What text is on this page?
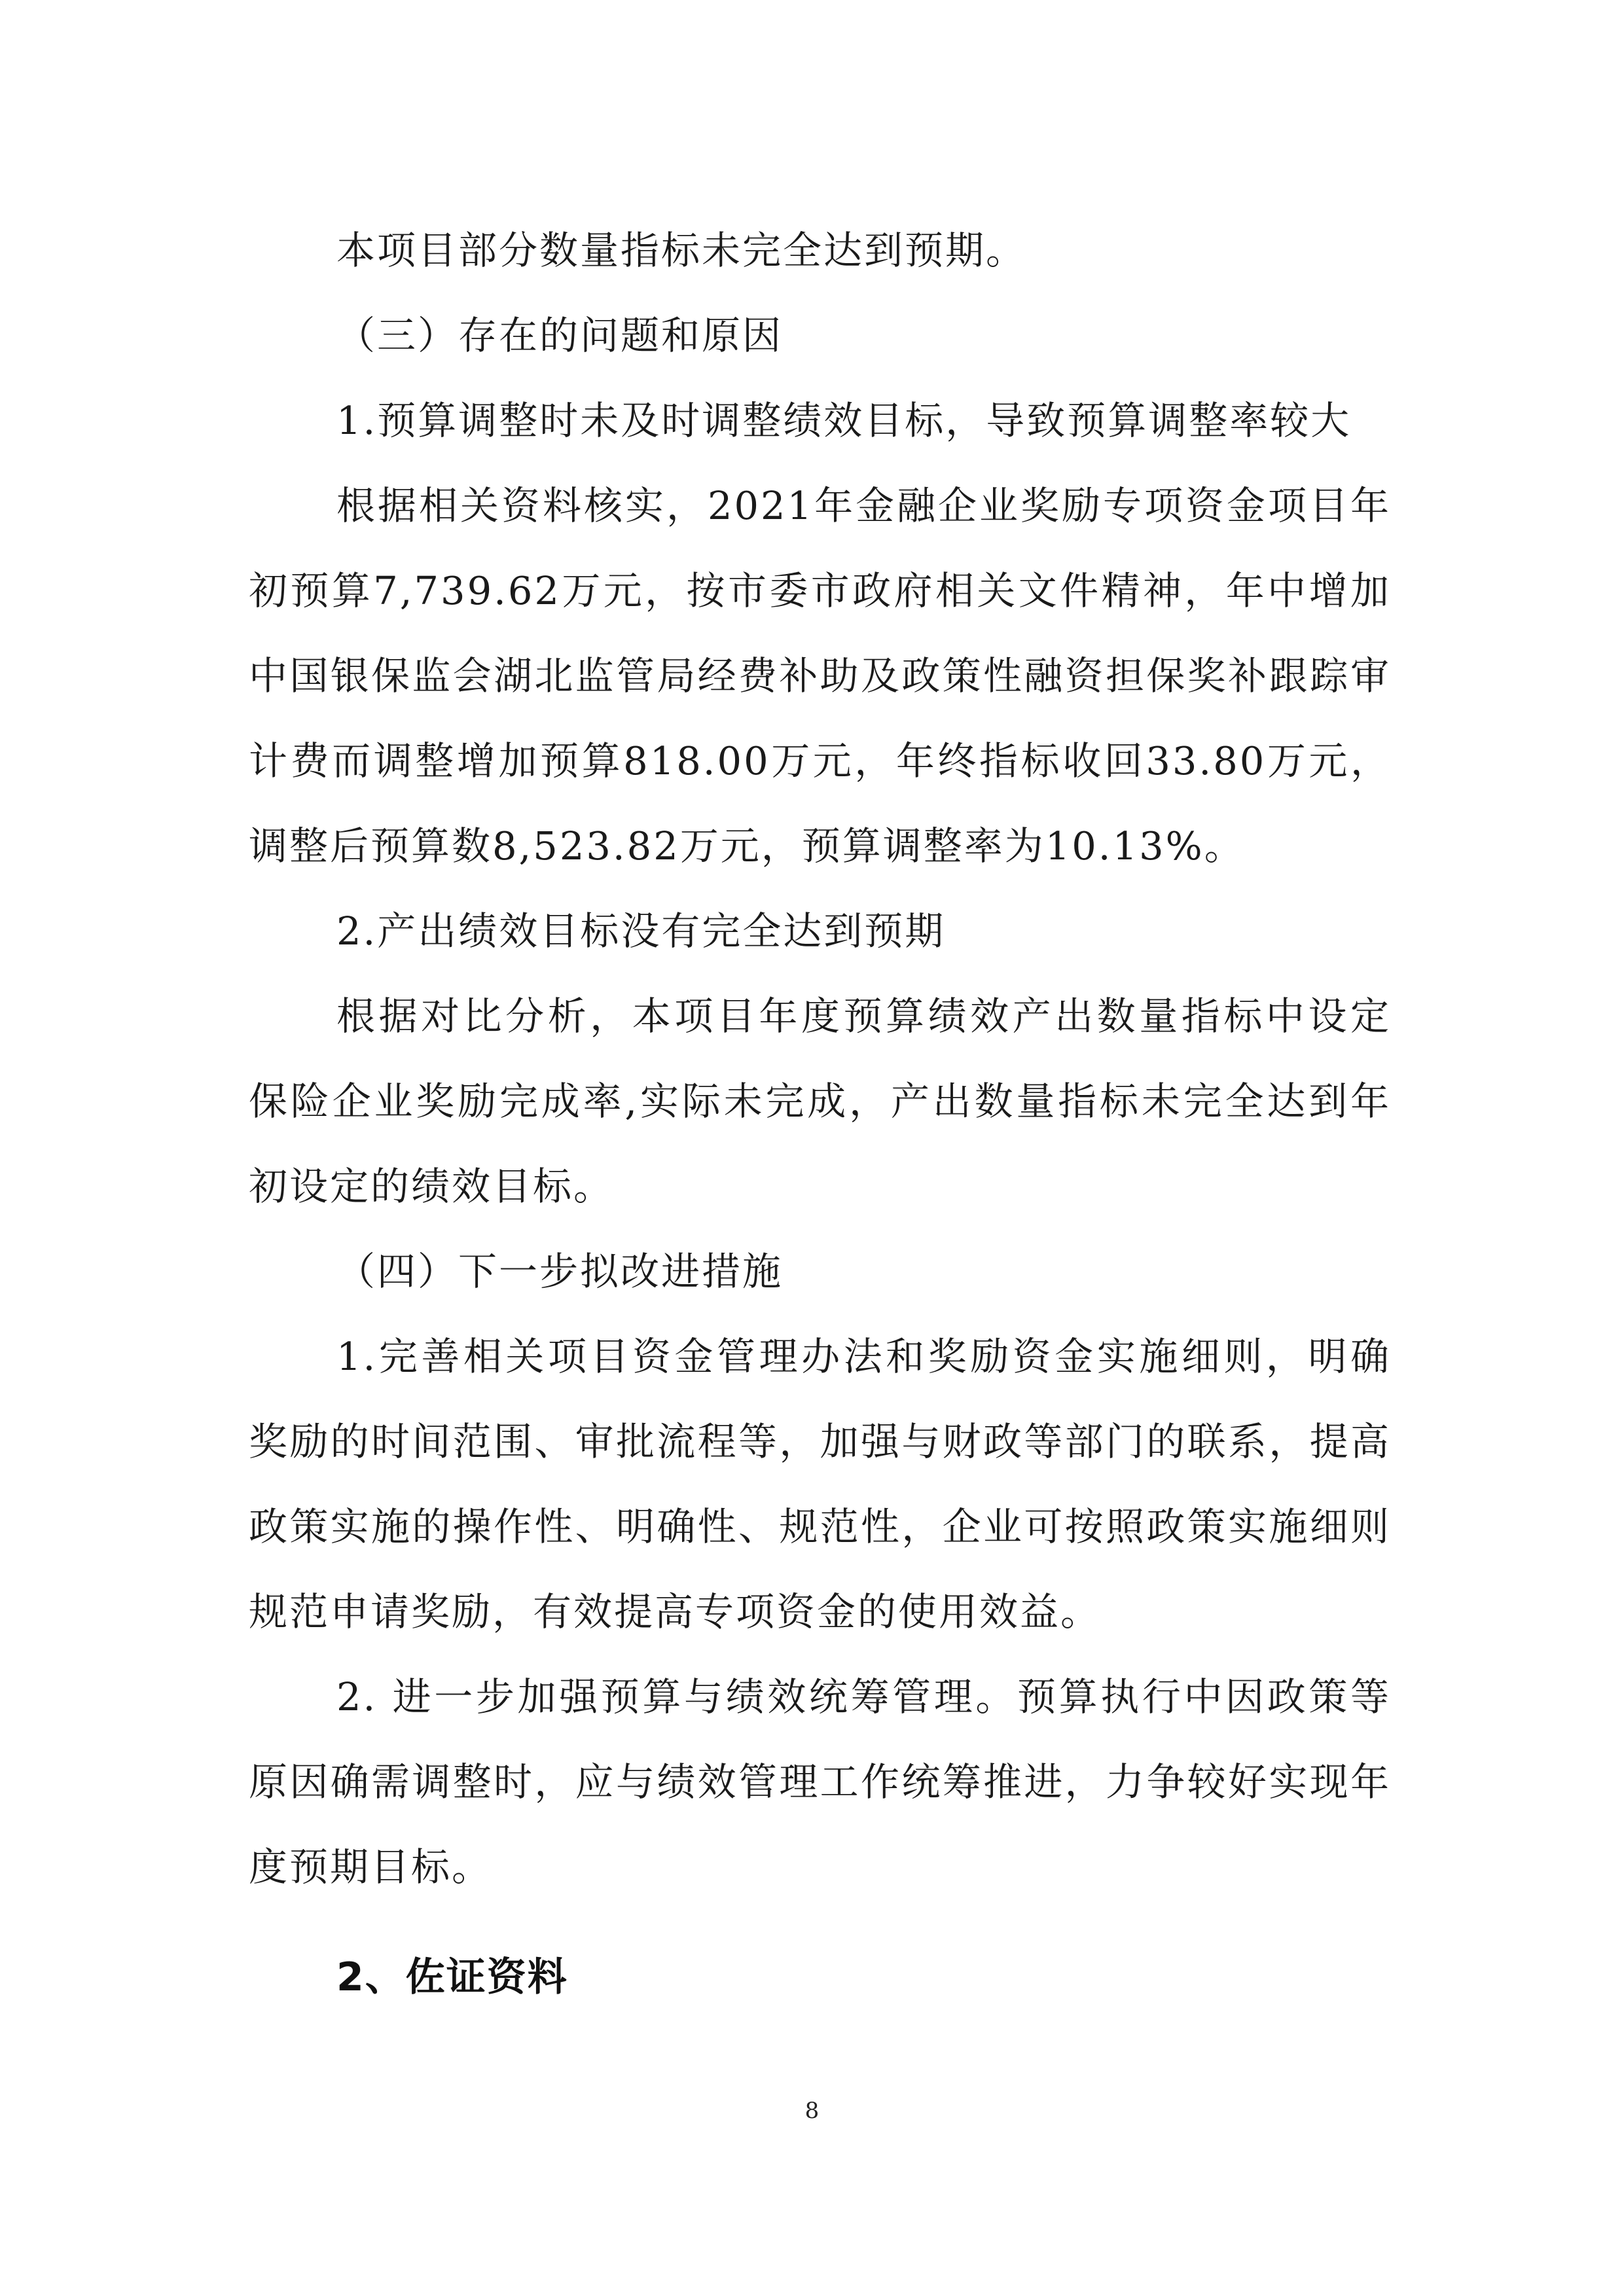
本项目部分数量指标未完全达到预期。

（三）存在的问题和原因

1.预算调整时未及时调整绩效目标，导致预算调整率较大

根据相关资料核实，2021年金融企业奖励专项资金项目年初预算7,739.62万元，按市委市政府相关文件精神，年中增加中国银保监会湖北监管局经费补助及政策性融资担保奖补跟踪审计费而调整增加预算818.00万元，年终指标收回33.80万元，调整后预算数8,523.82万元，预算调整率为10.13%。

2.产出绩效目标没有完全达到预期

根据对比分析，本项目年度预算绩效产出数量指标中设定保险企业奖励完成率,实际未完成，产出数量指标未完全达到年初设定的绩效目标。

（四）下一步拟改进措施

1.完善相关项目资金管理办法和奖励资金实施细则，明确奖励的时间范围、审批流程等，加强与财政等部门的联系，提高政策实施的操作性、明确性、规范性，企业可按照政策实施细则规范申请奖励，有效提高专项资金的使用效益。

2. 进一步加强预算与绩效统筹管理。预算执行中因政策等原因确需调整时，应与绩效管理工作统筹推进，力争较好实现年度预期目标。

2、佐证资料
8
